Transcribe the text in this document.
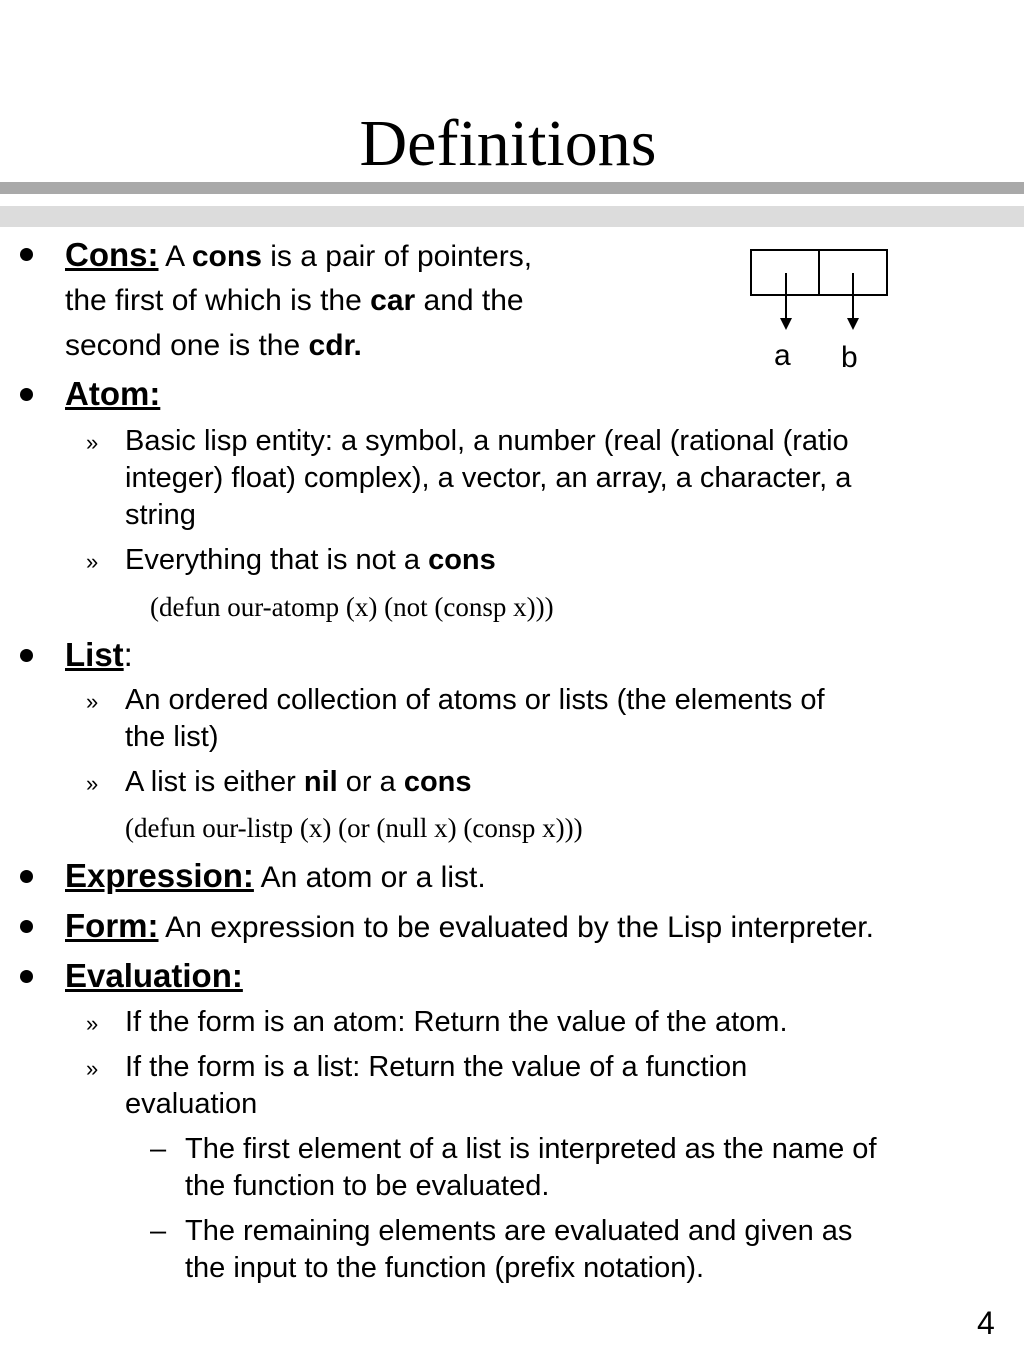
Definitions
Cons: A cons is a pair of pointers,
the first of which is the car and the
second one is the cdr.	a b
Atom:
» Basic lisp entity: a symbol, a number (real (rational (ratio
integer) float) complex), a vector, an array, a character, a
string
» Everything that is not a cons
(defun our-atomp (x) (not (consp x)))
List:
» An ordered collection of atoms or lists (the elements of
the list)
» A list is either nil or a cons
(defun our-listp (x) (or (null x) (consp x)))
Expression: An atom or a list.
Form: An expression to be evaluated by the Lisp interpreter.
Evaluation:
» If the form is an atom: Return the value of the atom.
» If the form is a list: Return the value of a function
evaluation
– The first element of a list is interpreted as the name of
the function to be evaluated.
– The remaining elements are evaluated and given as
the input to the function (prefix notation).
4
